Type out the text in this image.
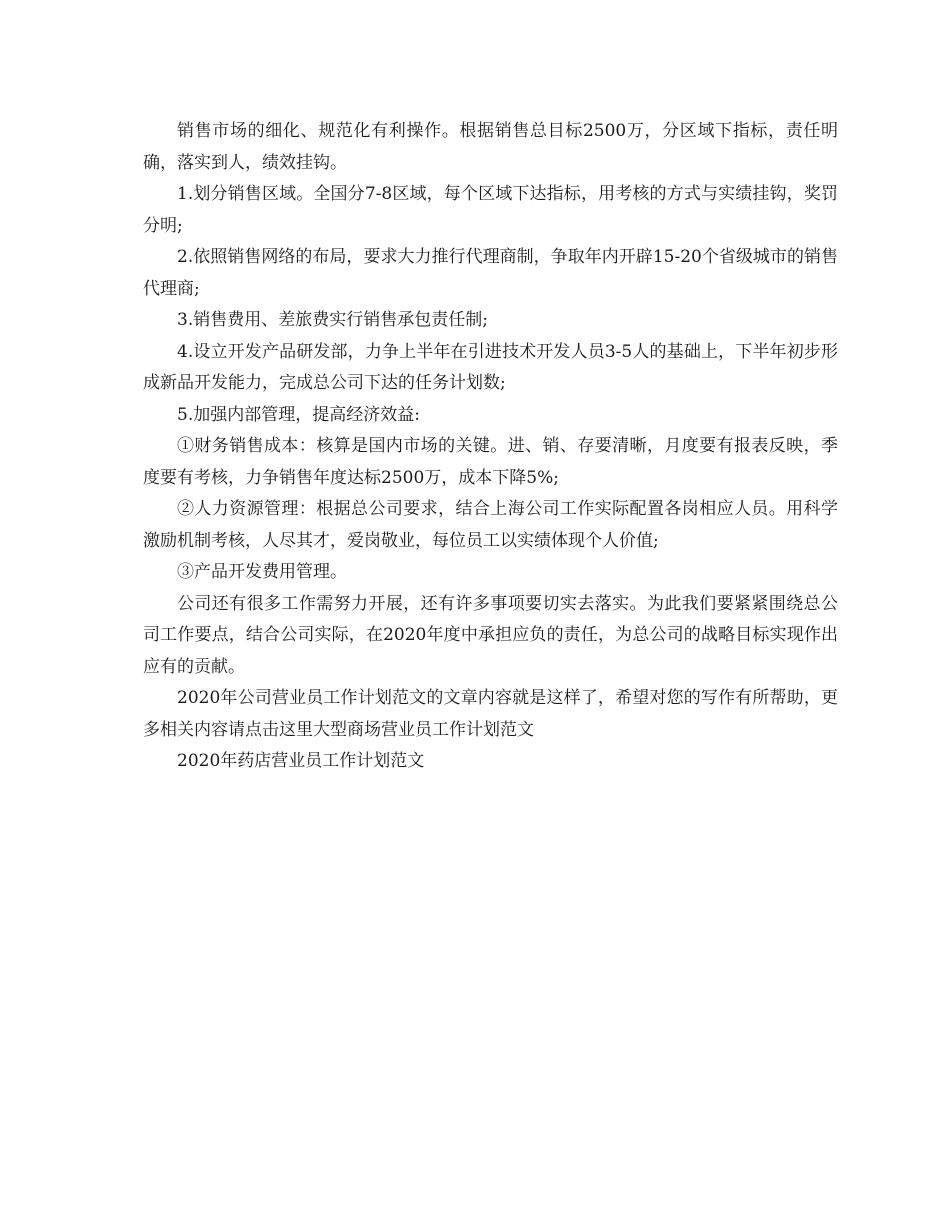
销售市场的细化、规范化有利操作。根据销售总目标2500万，分区域下指标，责任明确，落实到人，绩效挂钩。

1.划分销售区域。全国分7-8区域，每个区域下达指标，用考核的方式与实绩挂钩，奖罚分明;

2.依照销售网络的布局，要求大力推行代理商制，争取年内开辟15-20个省级城市的销售代理商;

3.销售费用、差旅费实行销售承包责任制;

4.设立开发产品研发部，力争上半年在引进技术开发人员3-5人的基础上，下半年初步形成新品开发能力，完成总公司下达的任务计划数;

5.加强内部管理，提高经济效益:

①财务销售成本：核算是国内市场的关键。进、销、存要清晰，月度要有报表反映，季度要有考核，力争销售年度达标2500万，成本下降5%;

②人力资源管理：根据总公司要求，结合上海公司工作实际配置各岗相应人员。用科学激励机制考核，人尽其才，爱岗敬业，每位员工以实绩体现个人价值;

③产品开发费用管理。

公司还有很多工作需努力开展，还有许多事项要切实去落实。为此我们要紧紧围绕总公司工作要点，结合公司实际，在2020年度中承担应负的责任，为总公司的战略目标实现作出应有的贡献。

2020年公司营业员工作计划范文的文章内容就是这样了，希望对您的写作有所帮助，更多相关内容请点击这里大型商场营业员工作计划范文

2020年药店营业员工作计划范文
